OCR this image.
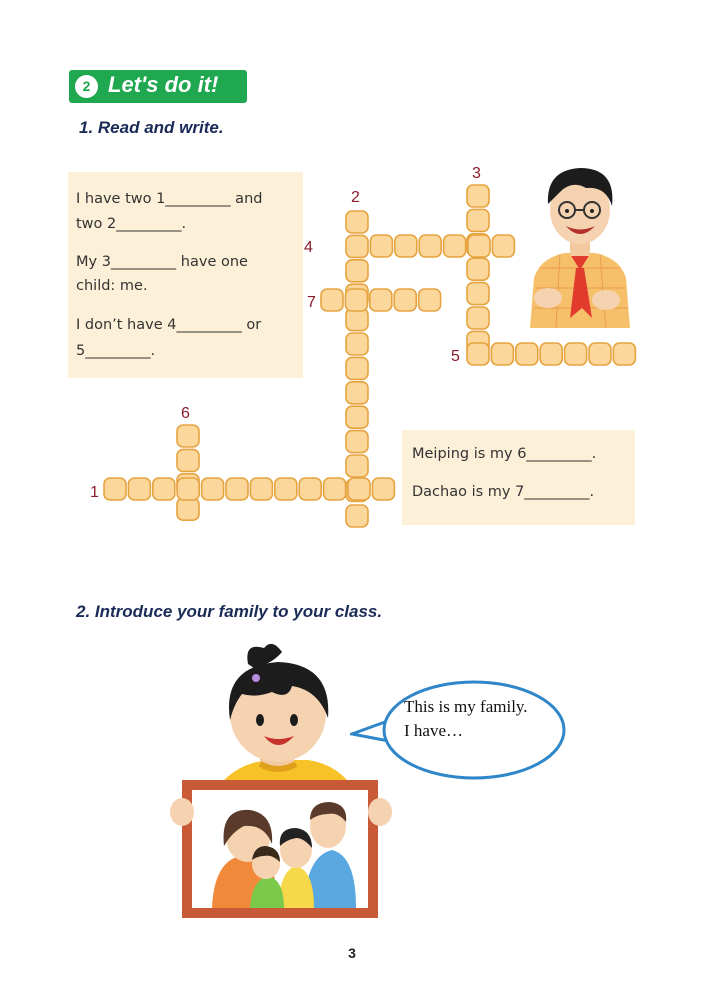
2 Let's do it!
1. Read and write.

I have two 1_________ and

two 2_________.

My 3_________ have one

child: me.

I don’t have 4_________ or

5_________.

Meiping is my 6_________.

Dachao is my 7_________.

1
2
3
4
5
6
7
2. Introduce your family to your class.
This is my family.
I have…
3
